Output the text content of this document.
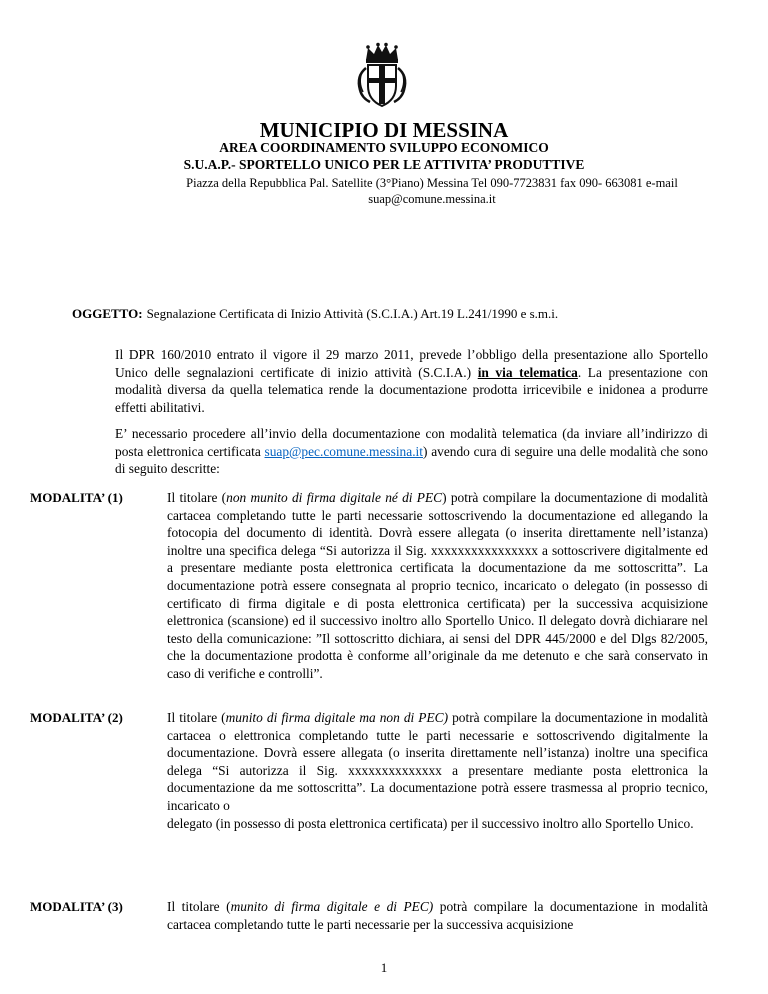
MUNICIPIO DI MESSINA

AREA COORDINAMENTO SVILUPPO ECONOMICO

S.U.A.P.- SPORTELLO UNICO PER LE ATTIVITA’ PRODUTTIVE

Piazza della Repubblica Pal. Satellite (3°Piano) Messina Tel 090-7723831 fax 090- 663081 e-mail
suap@comune.messina.it

OGGETTO: Segnalazione Certificata di Inizio Attività (S.C.I.A.) Art.19 L.241/1990 e s.m.i.

Il DPR 160/2010 entrato il vigore il 29 marzo 2011, prevede l’obbligo della presentazione allo Sportello Unico delle segnalazioni certificate di inizio attività (S.C.I.A.) in via telematica. La presentazione con modalità diversa da quella telematica rende la documentazione prodotta irricevibile e inidonea a produrre effetti abilitativi.

E’ necessario procedere all’invio della documentazione con modalità telematica (da inviare all’indirizzo di posta elettronica certificata suap@pec.comune.messina.it) avendo cura di seguire una delle modalità che sono di seguito descritte:

MODALITA’ (1)	Il titolare (non munito di firma digitale né di PEC) potrà compilare la documentazione di modalità cartacea completando tutte le parti necessarie sottoscrivendo la documentazione ed allegando la fotocopia del documento di identità. Dovrà essere allegata (o inserita direttamente nell’istanza) inoltre una specifica delega “Si autorizza il Sig. xxxxxxxxxxxxxxxx a sottoscrivere digitalmente ed a presentare mediante posta elettronica certificata la documentazione da me sottoscritta”. La documentazione potrà essere consegnata al proprio tecnico, incaricato o delegato (in possesso di certificato di firma digitale e di posta elettronica certificata) per la successiva acquisizione elettronica (scansione) ed il successivo inoltro allo Sportello Unico. Il delegato dovrà dichiarare nel testo della comunicazione: ”Il sottoscritto dichiara, ai sensi del DPR 445/2000 e del Dlgs 82/2005, che la documentazione prodotta è conforme all’originale da me detenuto e che sarà conservato in caso di verifiche e controlli”.

MODALITA’ (2)	Il titolare (munito di firma digitale ma non di PEC) potrà compilare la documentazione in modalità cartacea o elettronica completando tutte le parti necessarie e sottoscrivendo digitalmente la documentazione. Dovrà essere allegata (o inserita direttamente nell’istanza) inoltre una specifica delega “Si autorizza il Sig. xxxxxxxxxxxxxx a presentare mediante posta elettronica la documentazione da me sottoscritta”. La documentazione potrà essere trasmessa al proprio tecnico, incaricato o
delegato (in possesso di posta elettronica certificata) per il successivo inoltro allo Sportello Unico.

MODALITA’ (3)	Il titolare (munito di firma digitale e di PEC) potrà compilare la documentazione in modalità cartacea completando tutte le parti necessarie per la successiva acquisizione

1
